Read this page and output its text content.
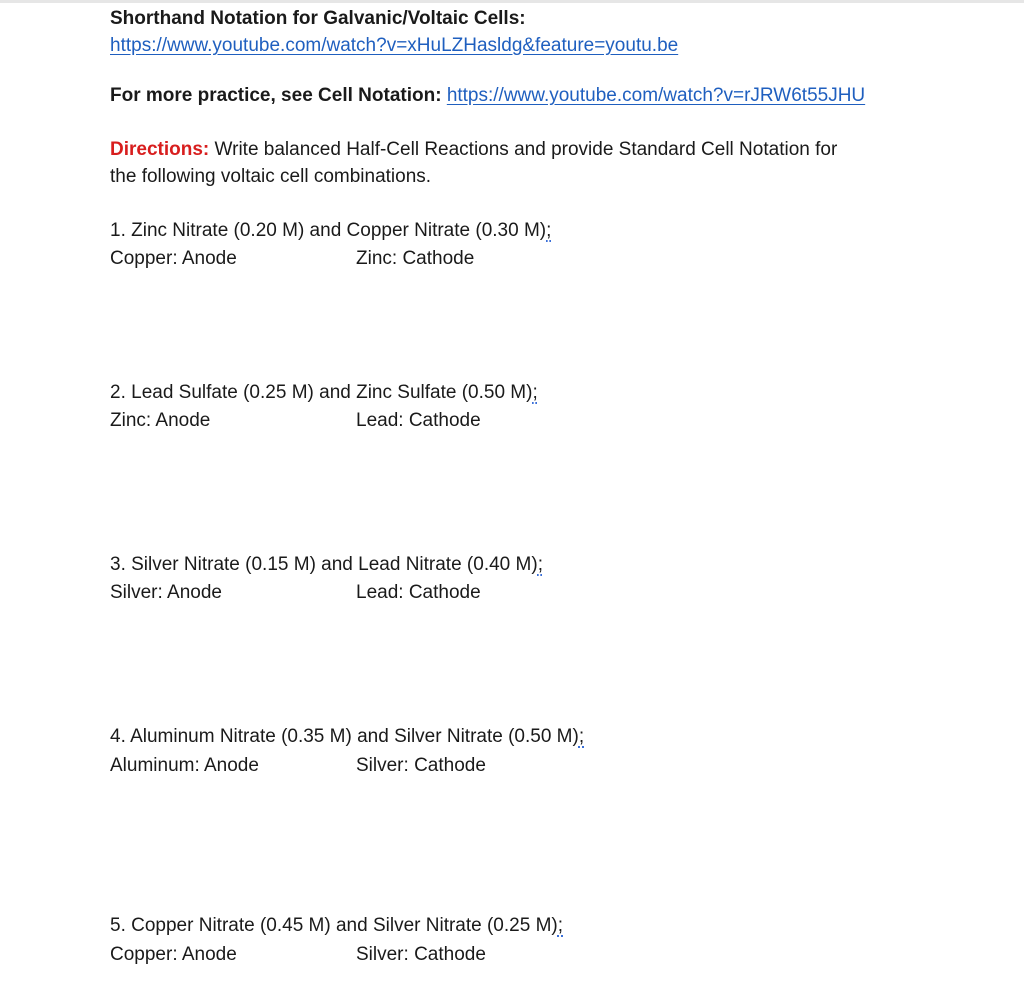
Shorthand Notation for Galvanic/Voltaic Cells:
https://www.youtube.com/watch?v=xHuLZHasldg&feature=youtu.be
For more practice, see Cell Notation: https://www.youtube.com/watch?v=rJRW6t55JHU
Directions: Write balanced Half-Cell Reactions and provide Standard Cell Notation for
the following voltaic cell combinations.
1. Zinc Nitrate (0.20 M) and Copper Nitrate (0.30 M);
Copper: Anode	Zinc: Cathode
2. Lead Sulfate (0.25 M) and Zinc Sulfate (0.50 M);
Zinc: Anode	Lead: Cathode
3. Silver Nitrate (0.15 M) and Lead Nitrate (0.40 M);
Silver: Anode	Lead: Cathode
4. Aluminum Nitrate (0.35 M) and Silver Nitrate (0.50 M);
Aluminum: Anode	Silver: Cathode
5. Copper Nitrate (0.45 M) and Silver Nitrate (0.25 M);
Copper: Anode	Silver: Cathode
